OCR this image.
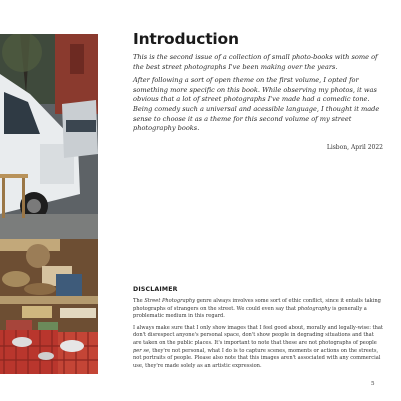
Introduction

This is the second issue of a collection of small photo-books with some of the best street photographs I've been making over the years.

After following a sort of open theme on the first volume, I opted for something more specific on this book. While observing my photos, it was obvious that a lot of street photographs I've made had a comedic tone. Being comedy such a universal and acessible language, I thought it made sense to choose it as a theme for this second volume of my street photography books.

Lisbon, April 2022
DISCLAIMER

The Street Photography genre always involves some sort of ethic conflict, since it entails taking photographs of strangers on the street. We could even say that photography is generally a problematic medium in this regard.

I always make sure that I only show images that I feel good about, morally and legally-wise: that don't disrespect anyone's personal space, don't show people in degrading situations and that are taken on the public places. It's important to note that these are not photographs of people per se, they're not personal, what I do is to capture scenes, moments or actions on the streets, not portraits of people. Please also note that this images aren't associated with any commercial use, they're made solely as an artistic expression.

5
